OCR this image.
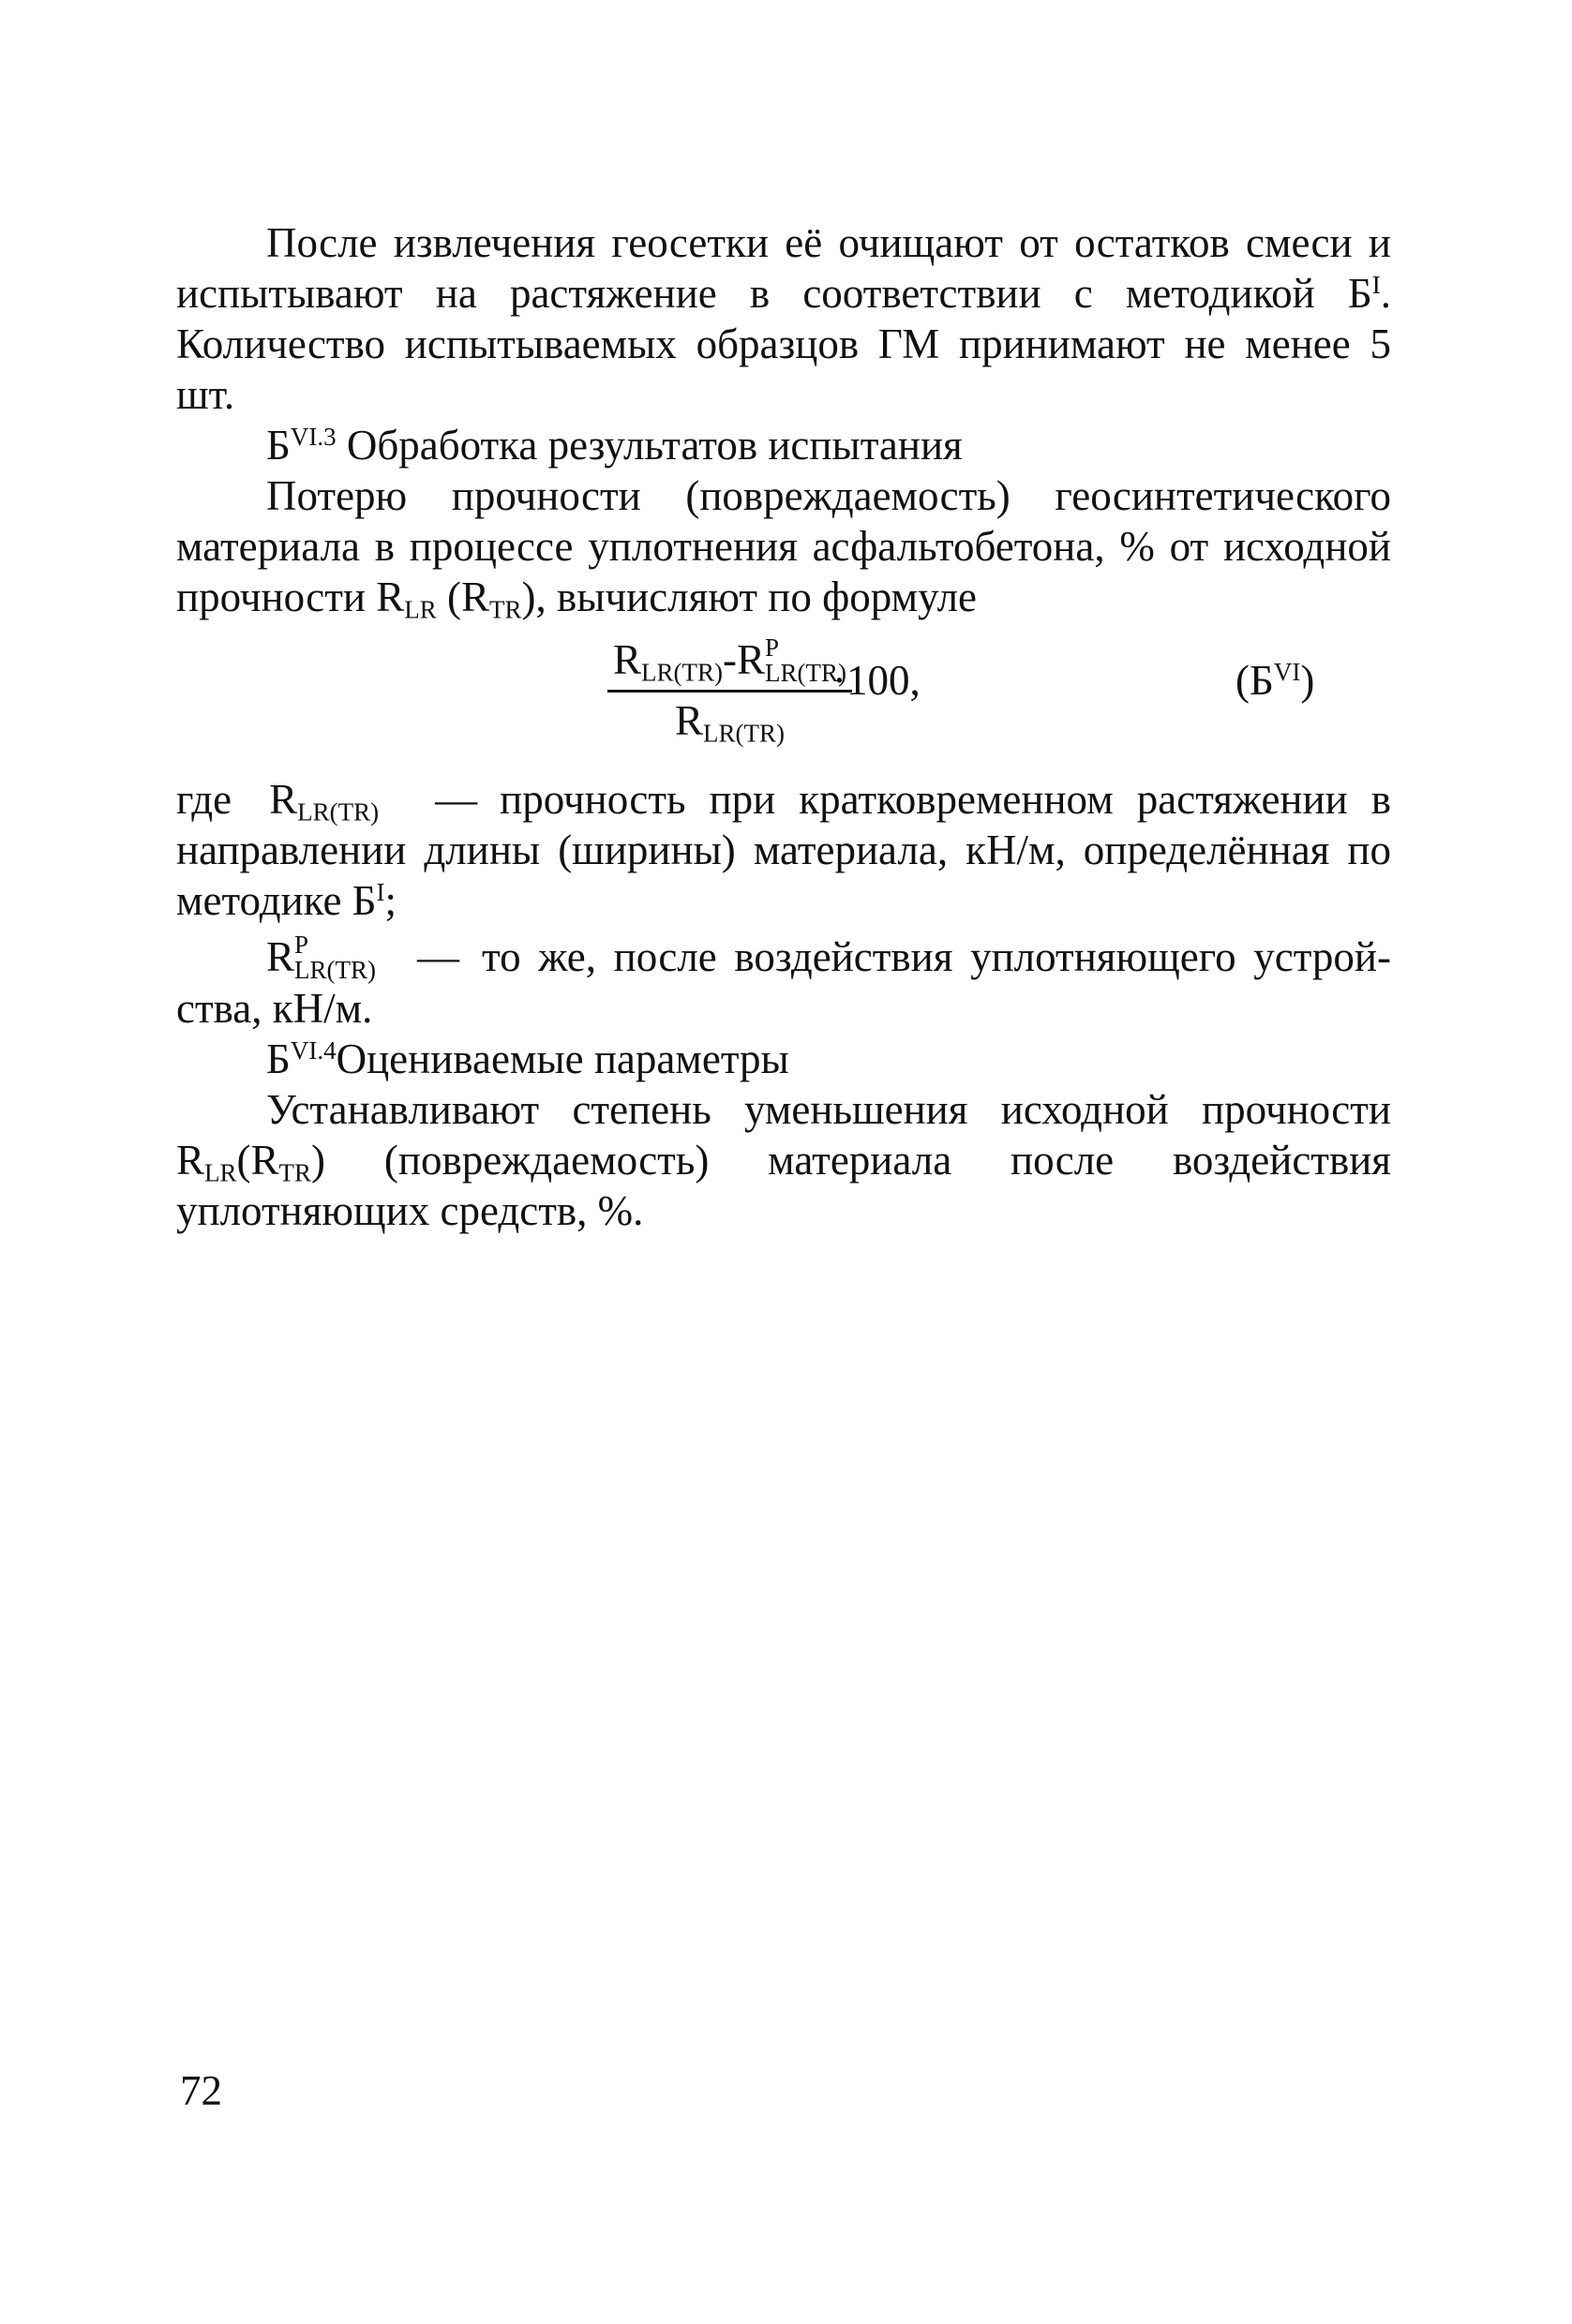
После извлечения геосетки её очищают от остатков смеси и испытывают на растяжение в соответствии с методикой $Б^I$. Количество испытываемых образцов ГМ принимают не менее 5 шт.

$Б^{VI.3}$ Обработка результатов испытания

Потерю прочности (повреждаемость) геосинтетического материала в процессе уплотнения асфальтобетона, % от исходной прочности $R_{LR}$ $(R_{TR})$, вычисляют по формуле

$R_{LR(TR)}-R$ P
LR(TR)
$R_{LR(TR)}$
·100,	$(Б^{VI})$

где $R_{LR(TR)}$ — прочность при кратковременном растяжении в направлении длины (ширины) материала, кН/м, определённая по методике $Б^I$;

R P
LR(TR) — то же, после воздействия уплотняющего устрой-ства, кН/м.

$Б^{VI.4}Оцениваемые$ параметры

Устанавливают степень уменьшения исходной прочности $R_{LR}(R_{TR})$ (повреждаемость) материала после воздействия уплотняющих средств, %.

72
